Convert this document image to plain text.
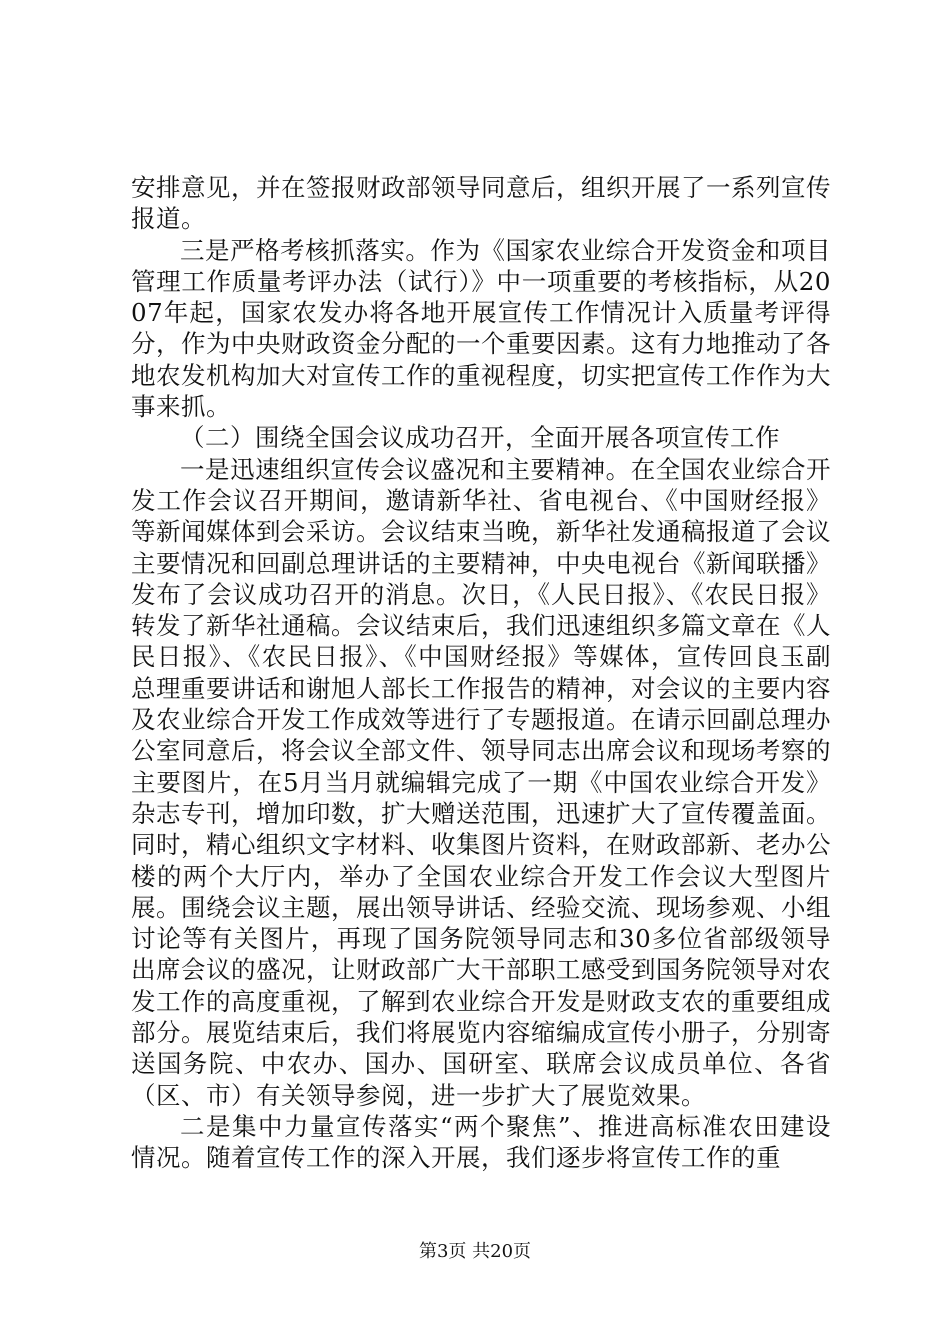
安排意见，并在签报财政部领导同意后，组织开展了一系列宣传报道。

三是严格考核抓落实。作为《国家农业综合开发资金和项目管理工作质量考评办法（试行）》中一项重要的考核指标，从2007年起，国家农发办将各地开展宣传工作情况计入质量考评得分，作为中央财政资金分配的一个重要因素。这有力地推动了各地农发机构加大对宣传工作的重视程度，切实把宣传工作作为大事来抓。

（二）围绕全国会议成功召开，全面开展各项宣传工作

一是迅速组织宣传会议盛况和主要精神。在全国农业综合开发工作会议召开期间，邀请新华社、省电视台、《中国财经报》等新闻媒体到会采访。会议结束当晚，新华社发通稿报道了会议主要情况和回副总理讲话的主要精神，中央电视台《新闻联播》发布了会议成功召开的消息。次日，《人民日报》、《农民日报》转发了新华社通稿。会议结束后，我们迅速组织多篇文章在《人民日报》、《农民日报》、《中国财经报》等媒体，宣传回良玉副总理重要讲话和谢旭人部长工作报告的精神，对会议的主要内容及农业综合开发工作成效等进行了专题报道。在请示回副总理办公室同意后，将会议全部文件、领导同志出席会议和现场考察的主要图片，在5月当月就编辑完成了一期《中国农业综合开发》杂志专刊，增加印数，扩大赠送范围，迅速扩大了宣传覆盖面。同时，精心组织文字材料、收集图片资料，在财政部新、老办公楼的两个大厅内，举办了全国农业综合开发工作会议大型图片展。围绕会议主题，展出领导讲话、经验交流、现场参观、小组讨论等有关图片，再现了国务院领导同志和30多位省部级领导出席会议的盛况，让财政部广大干部职工感受到国务院领导对农发工作的高度重视，了解到农业综合开发是财政支农的重要组成部分。展览结束后，我们将展览内容缩编成宣传小册子，分别寄送国务院、中农办、国办、国研室、联席会议成员单位、各省（区、市）有关领导参阅，进一步扩大了展览效果。

二是集中力量宣传落实“两个聚焦”、推进高标准农田建设情况。随着宣传工作的深入开展，我们逐步将宣传工作的重

第3页 共20页
